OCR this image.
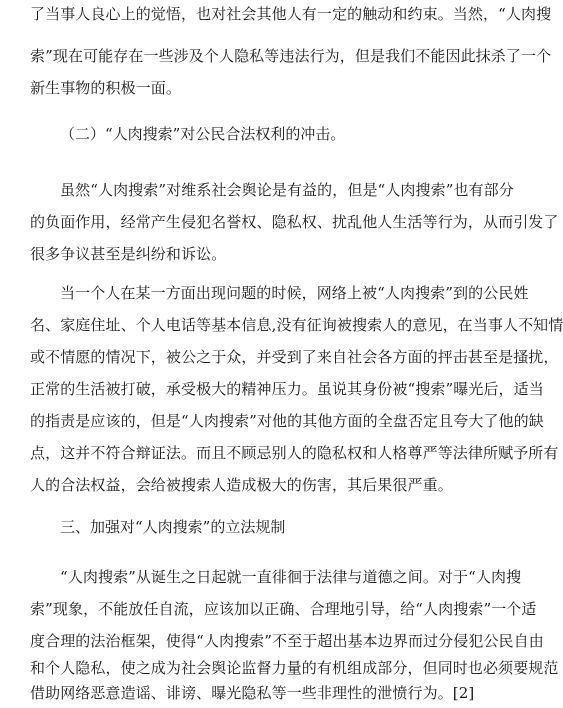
了当事人良心上的觉悟，也对社会其他人有一定的触动和约束。当然，“人肉搜
索”现在可能存在一些涉及个人隐私等违法行为，但是我们不能因此抹杀了一个
新生事物的积极一面。
（二）“人肉搜索”对公民合法权利的冲击。
虽然“人肉搜索”对维系社会舆论是有益的，但是“人肉搜索”也有部分
的负面作用，经常产生侵犯名誉权、隐私权、扰乱他人生活等行为，从而引发了
很多争议甚至是纠纷和诉讼。
当一个人在某一方面出现问题的时候，网络上被“人肉搜索”到的公民姓
名、家庭住址、个人电话等基本信息,没有征询被搜索人的意见，在当事人不知情
或不情愿的情况下，被公之于众，并受到了来自社会各方面的抨击甚至是搔扰，
正常的生活被打破，承受极大的精神压力。虽说其身份被“搜索”曝光后，适当
的指责是应该的，但是“人肉搜索”对他的其他方面的全盘否定且夸大了他的缺
点，这并不符合辩证法。而且不顾忌别人的隐私权和人格尊严等法律所赋予所有
人的合法权益，会给被搜索人造成极大的伤害，其后果很严重。
三、加强对“人肉搜索”的立法规制
“人肉搜索”从诞生之日起就一直徘徊于法律与道德之间。对于“人肉搜
索”现象，不能放任自流，应该加以正确、合理地引导，给“人肉搜索”一个适
度合理的法治框架，使得“人肉搜索”不至于超出基本边界而过分侵犯公民自由
和个人隐私，使之成为社会舆论监督力量的有机组成部分，但同时也必须要规范
借助网络恶意造谣、诽谤、曝光隐私等一些非理性的泄愤行为。[2]
